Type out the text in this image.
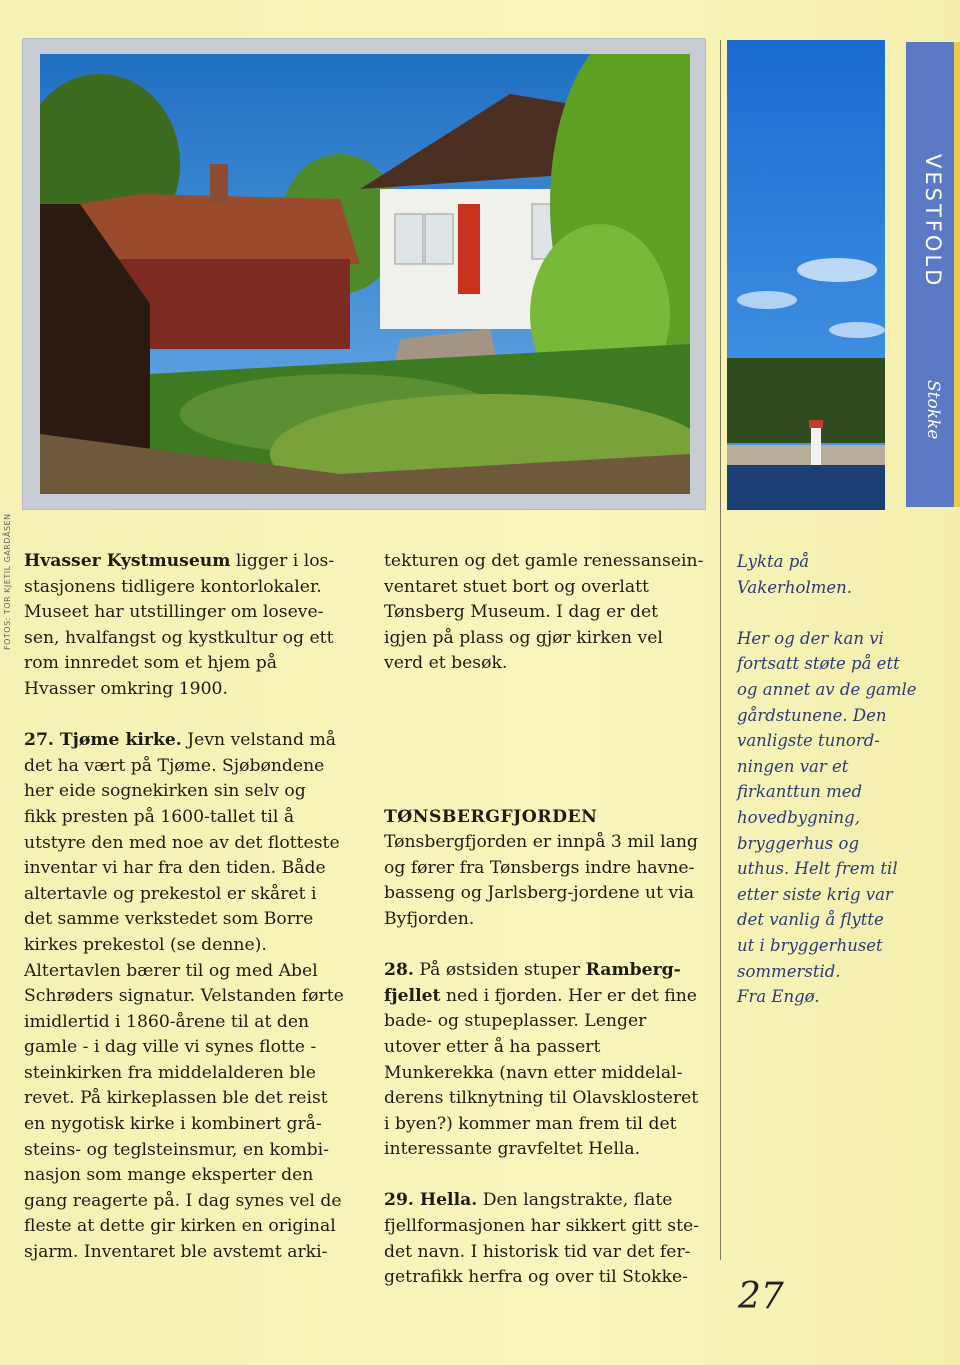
FOTOS: TOR KJETIL GARDÅSEN
VESTFOLD
Stokke

Hvasser Kystmuseum ligger i los-
stasjonens tidligere kontorlokaler.
Museet har utstillinger om loseve-
sen, hvalfangst og kystkultur og ett
rom innredet som et hjem på
Hvasser omkring 1900.

27. Tjøme kirke. Jevn velstand må
det ha vært på Tjøme. Sjøbøndene
her eide sognekirken sin selv og
fikk presten på 1600-tallet til å
utstyre den med noe av det flotteste
inventar vi har fra den tiden. Både
altertavle og prekestol er skåret i
det samme verkstedet som Borre
kirkes prekestol (se denne).
Altertavlen bærer til og med Abel
Schrøders signatur. Velstanden førte
imidlertid i 1860-årene til at den
gamle - i dag ville vi synes flotte -
steinkirken fra middelalderen ble
revet. På kirkeplassen ble det reist
en nygotisk kirke i kombinert grå-
steins- og teglsteinsmur, en kombi-
nasjon som mange eksperter den
gang reagerte på. I dag synes vel de
fleste at dette gir kirken en original
sjarm. Inventaret ble avstemt arki-

tekturen og det gamle renessansein-
ventaret stuet bort og overlatt
Tønsberg Museum. I dag er det
igjen på plass og gjør kirken vel
verd et besøk.

TØNSBERGFJORDEN
Tønsbergfjorden er innpå 3 mil lang
og fører fra Tønsbergs indre havne-
basseng og Jarlsberg-jordene ut via
Byfjorden.

28. På østsiden stuper Ramberg-
fjellet ned i fjorden. Her er det fine
bade- og stupeplasser. Lenger
utover etter å ha passert
Munkerekka (navn etter middelal-
derens tilknytning til Olavsklosteret
i byen?) kommer man frem til det
interessante gravfeltet Hella.

29. Hella. Den langstrakte, flate
fjellformasjonen har sikkert gitt ste-
det navn. I historisk tid var det fer-
getrafikk herfra og over til Stokke-

Lykta på
Vakerholmen.

Her og der kan vi
fortsatt støte på ett
og annet av de gamle
gårdstunene. Den
vanligste tunord-
ningen var et
firkanttun med
hovedbygning,
bryggerhus og
uthus. Helt frem til
etter siste krig var
det vanlig å flytte
ut i bryggerhuset
sommerstid.
Fra Engø.

27
